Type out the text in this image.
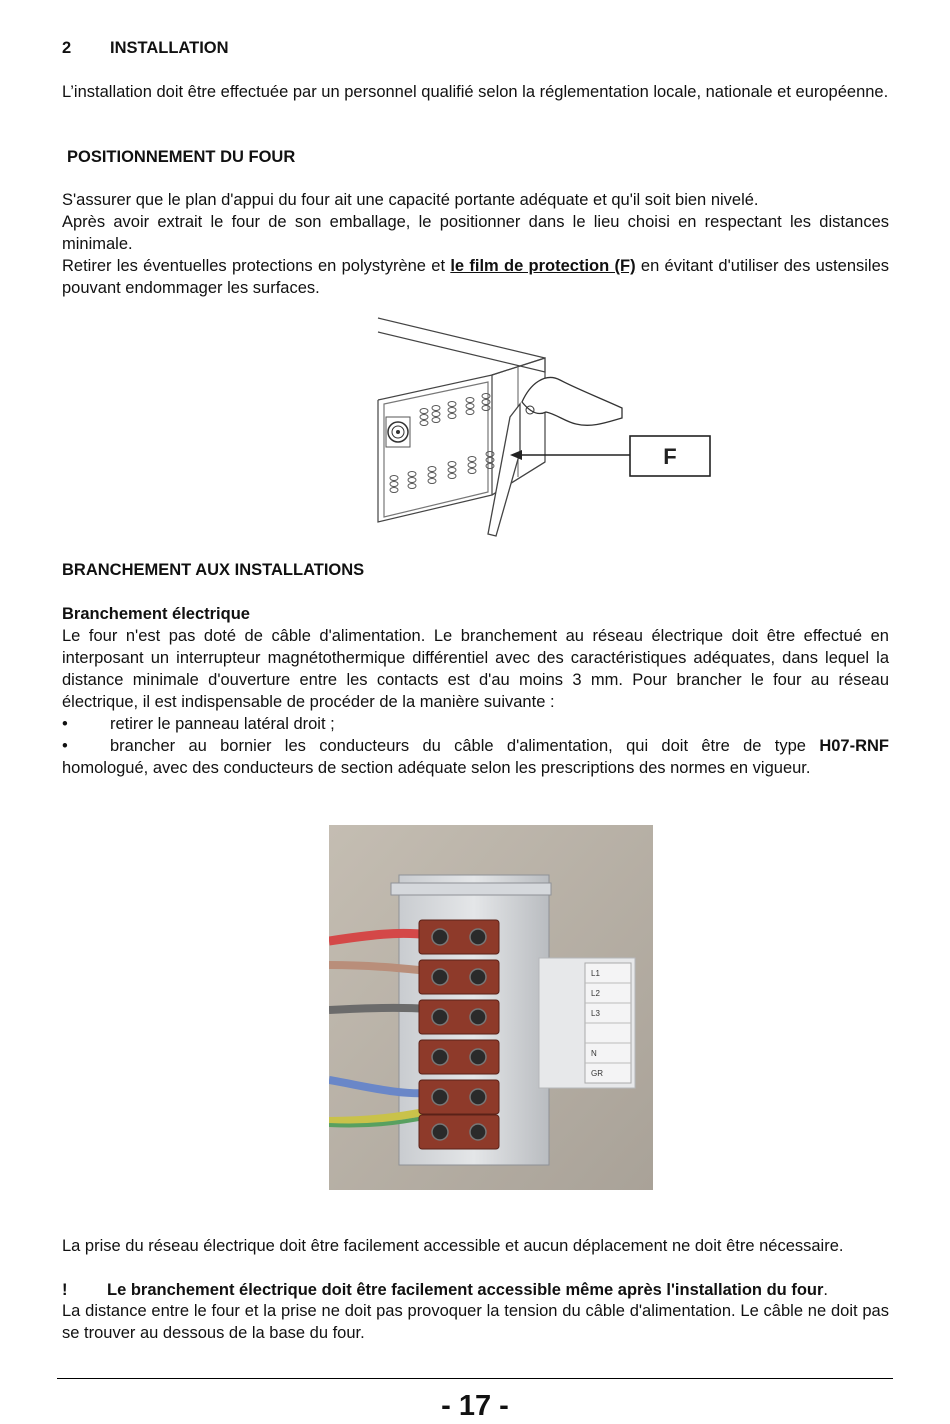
2 INSTALLATION

L’installation doit être effectuée par un personnel qualifié selon la réglementation locale, nationale et européenne.

POSITIONNEMENT DU FOUR

S'assurer que le plan d'appui du four ait une capacité portante adéquate et qu'il soit bien nivelé.

Après avoir extrait le four de son emballage, le positionner dans le lieu choisi en respectant les distances minimale.

Retirer les éventuelles protections en polystyrène et le film de protection (F) en évitant d'utiliser des ustensiles pouvant endommager les surfaces.

F
BRANCHEMENT AUX INSTALLATIONS
Branchement électrique

Le four n'est pas doté de câble d'alimentation. Le branchement au réseau électrique doit être effectué en interposant un interrupteur magnétothermique différentiel avec des caractéristiques adéquates, dans lequel la distance minimale d'ouverture entre les contacts est d'au moins 3 mm. Pour brancher le four au réseau électrique, il est indispensable de procéder de la manière suivante :

•	retirer le panneau latéral droit ;
•	brancher au bornier les conducteurs du câble d'alimentation, qui doit être de type H07-RNF

homologué, avec des conducteurs de section adéquate selon les prescriptions des normes en vigueur.

L1
L2
L3
N
GR

La prise du réseau électrique doit être facilement accessible et aucun déplacement ne doit être nécessaire.

! Le branchement électrique doit être facilement accessible même après l'installation du four.

La distance entre le four et la prise ne doit pas provoquer la tension du câble d'alimentation. Le câble ne doit pas se trouver au dessous de la base du four.

- 17 -
